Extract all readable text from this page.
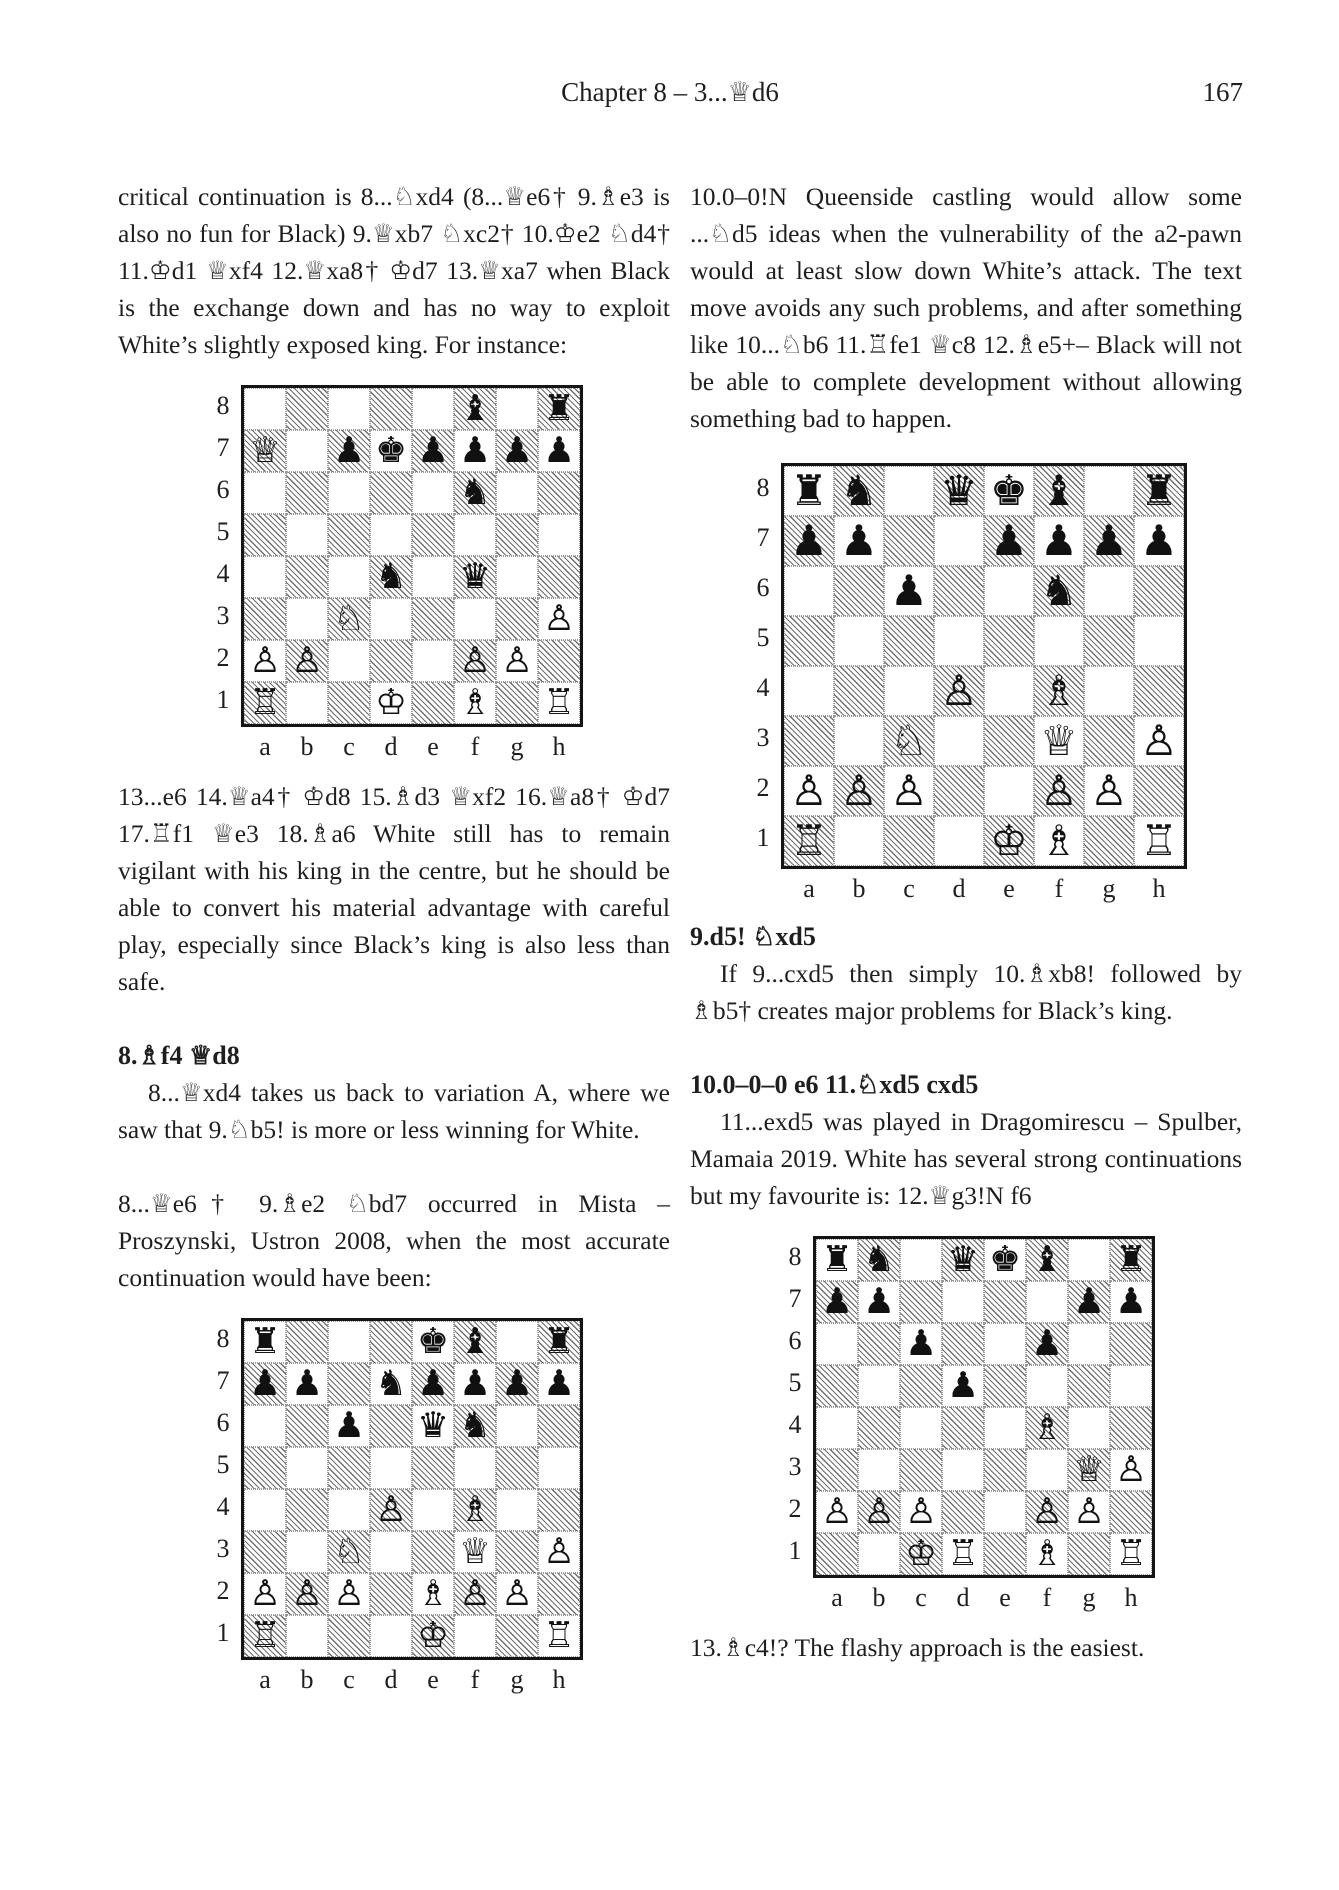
Chapter 8 – 3...♕d6	167

critical continuation is 8...♘xd4 (8...♕e6† 9.♗e3 is also no fun for Black) 9.♕xb7 ♘xc2† 10.♔e2 ♘d4† 11.♔d1 ♕xf4 12.♕xa8† ♔d7 13.♕xa7 when Black is the exchange down and has no way to exploit White’s slightly exposed king. For instance:

8
7
6
5
4
3
2
1
♝ ♜
♕ ♟ ♚ ♟ ♟ ♟ ♟
♞
♞ ♛
♘	♙
♙ ♙	♙ ♙
♖	♔ ♗ ♖
a	b	c	d	e	f	g	h

13...e6 14.♕a4† ♔d8 15.♗d3 ♕xf2 16.♕a8† ♔d7 17.♖f1 ♕e3 18.♗a6 White still has to remain vigilant with his king in the centre, but he should be able to convert his material advantage with careful play, especially since Black’s king is also less than safe.

8.♗f4 ♕d8

8...♕xd4 takes us back to variation A, where we saw that 9.♘b5! is more or less winning for White.

8...♕e6† 9.♗e2 ♘bd7 occurred in Mista – Proszynski, Ustron 2008, when the most accurate continuation would have been:

8
7
6
5
4
3
2
1
♜	♚ ♝ ♜
♟ ♟ ♞ ♟ ♟ ♟ ♟
♟ ♛ ♞
♙ ♗
♘	♕ ♙
♙ ♙ ♙ ♗ ♙ ♙
♖	♔	♖
a	b	c	d	e	f	g	h

10.0–0!N Queenside castling would allow some ...♘d5 ideas when the vulnerability of the a2-pawn would at least slow down White’s attack. The text move avoids any such problems, and after something like 10...♘b6 11.♖fe1 ♕c8 12.♗e5+– Black will not be able to complete development without allowing something bad to happen.

8
7
6
5
4
3
2
1
♜ ♞ ♛ ♚ ♝ ♜
♟ ♟	♟ ♟ ♟ ♟
♟	♞
♙ ♗
♘	♕ ♙
♙ ♙ ♙	♙ ♙
♖	♔ ♗ ♖
a	b	c	d	e	f	g	h
9.d5! ♘xd5

If 9...cxd5 then simply 10.♗xb8! followed by ♗b5† creates major problems for Black’s king.

10.0–0–0 e6 11.♘xd5 cxd5

11...exd5 was played in Dragomirescu – Spulber, Mamaia 2019. White has several strong continuations but my favourite is: 12.♕g3!N f6

8
7
6
5
4
3
2
1
♜ ♞ ♛ ♚ ♝ ♜
♟ ♟	♟ ♟
♟	♟
♟
♗
♕ ♙
♙ ♙ ♙	♙ ♙
♔ ♖ ♗ ♖
a	b	c	d	e	f	g	h

13.♗c4!? The flashy approach is the easiest.
